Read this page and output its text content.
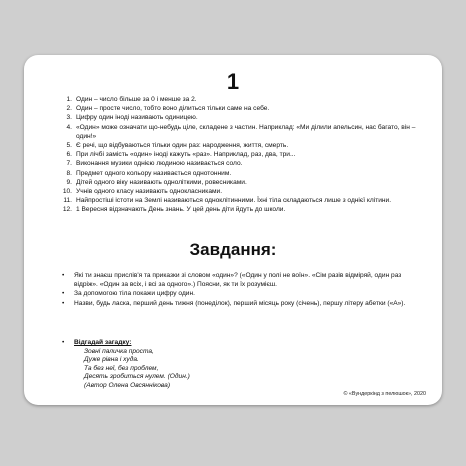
1
1. Один – число більше за 0 і менше за 2.
2. Один – просте число, тобто воно ділиться тільки саме на себе.
3. Цифру один іноді називають одиницею.
4. «Один» може означати що-небудь ціле, складене з частин. Наприклад: «Ми ділили апельсин, нас багато, він – один!»
5. Є речі, що відбуваються тільки один раз: народження, життя, смерть.
6. При лічбі замість «один» іноді кажуть «раз». Наприклад, раз, два, три...
7. Виконання музики однією людиною називається соло.
8. Предмет одного кольору називається однотонним.
9. Дітей одного віку називають одноліткими, ровесниками.
10. Учнів одного класу називають однокласниками.
11. Найпростіші істоти на Землі називаються одноклітинними. Їхні тіла складаються лише з однієї клітини.
12. 1 Вересня відзначають День знань. У цей день діти йдуть до школи.
Завдання:
•	Які ти знаєш прислів'я та приказки зі словом «один»? («Один у полі не воїн». «Сім разів відміряй, один раз відріж». «Один за всіх, і всі за одного».) Поясни, як ти їх розумієш.
•	За допомогою тіла покажи цифру один.
•	Назви, будь ласка, перший день тижня (понеділок), перший місяць року (січень), першу літеру абетки («А»).
• Відгадай загадку:
Зовні паличка проста,
Дуже рівна і худа.
Та без неї, без проблем,
Десять зробиться нулем. (Один.)
(Автор Олена Овсяннікова)
© «Вундеркінд з пелюшок», 2020
